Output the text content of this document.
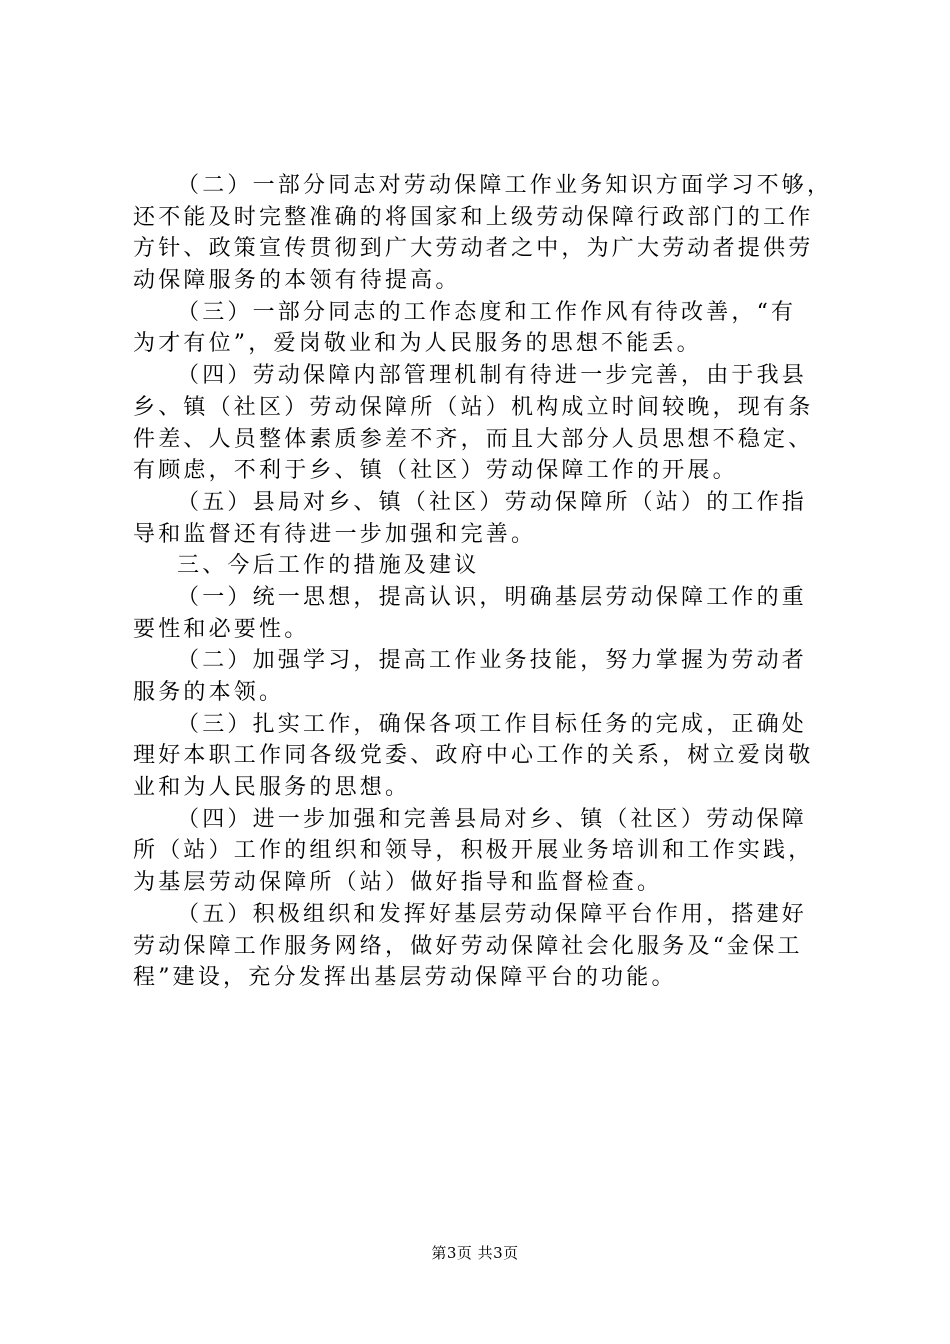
（二）一部分同志对劳动保障工作业务知识方面学习不够，
还不能及时完整准确的将国家和上级劳动保障行政部门的工作
方针、政策宣传贯彻到广大劳动者之中，为广大劳动者提供劳
动保障服务的本领有待提高。
（三）一部分同志的工作态度和工作作风有待改善，“有
为才有位”，爱岗敬业和为人民服务的思想不能丢。
（四）劳动保障内部管理机制有待进一步完善，由于我县
乡、镇（社区）劳动保障所（站）机构成立时间较晚，现有条
件差、人员整体素质参差不齐，而且大部分人员思想不稳定、
有顾虑，不利于乡、镇（社区）劳动保障工作的开展。
（五）县局对乡、镇（社区）劳动保障所（站）的工作指
导和监督还有待进一步加强和完善。
三、今后工作的措施及建议
（一）统一思想，提高认识，明确基层劳动保障工作的重
要性和必要性。
（二）加强学习，提高工作业务技能，努力掌握为劳动者
服务的本领。
（三）扎实工作，确保各项工作目标任务的完成，正确处
理好本职工作同各级党委、政府中心工作的关系，树立爱岗敬
业和为人民服务的思想。
（四）进一步加强和完善县局对乡、镇（社区）劳动保障
所（站）工作的组织和领导，积极开展业务培训和工作实践，
为基层劳动保障所（站）做好指导和监督检查。
（五）积极组织和发挥好基层劳动保障平台作用，搭建好
劳动保障工作服务网络，做好劳动保障社会化服务及“金保工
程”建设，充分发挥出基层劳动保障平台的功能。
第3页 共3页
